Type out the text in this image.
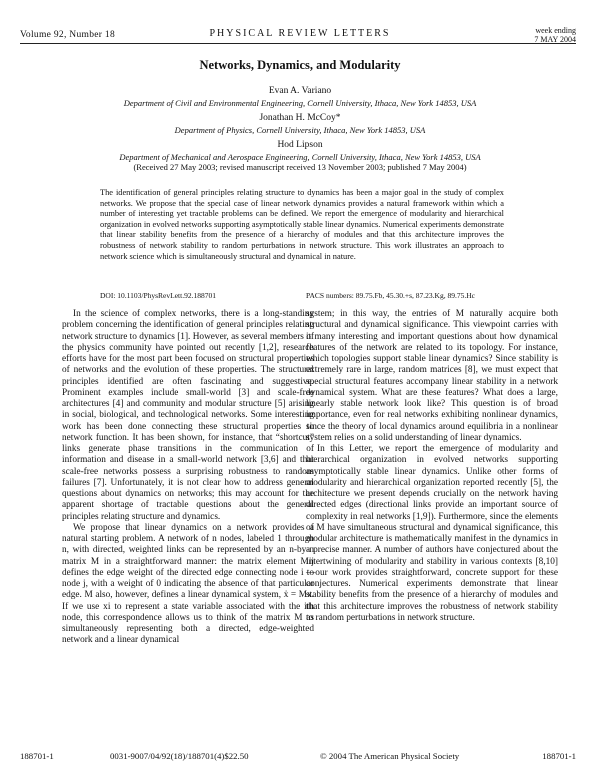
Volume 92, Number 18	PHYSICAL REVIEW LETTERS	week ending
7 MAY 2004
Networks, Dynamics, and Modularity
Evan A. Variano
Department of Civil and Environmental Engineering, Cornell University, Ithaca, New York 14853, USA
Jonathan H. McCoy*
Department of Physics, Cornell University, Ithaca, New York 14853, USA
Hod Lipson
Department of Mechanical and Aerospace Engineering, Cornell University, Ithaca, New York 14853, USA
(Received 27 May 2003; revised manuscript received 13 November 2003; published 7 May 2004)
The identification of general principles relating structure to dynamics has been a major goal in the study of complex networks. We propose that the special case of linear network dynamics provides a natural framework within which a number of interesting yet tractable problems can be defined. We report the emergence of modularity and hierarchical organization in evolved networks supporting asymptotically stable linear dynamics. Numerical experiments demonstrate that linear stability benefits from the presence of a hierarchy of modules and that this architecture improves the robustness of network stability to random perturbations in network structure. This work illustrates an approach to network science which is simultaneously structural and dynamical in nature.
DOI: 10.1103/PhysRevLett.92.188701	PACS numbers: 89.75.Fb, 45.30.+s, 87.23.Kg, 89.75.Hc

In the science of complex networks, there is a long-standing problem concerning the identification of general principles relating network structure to dynamics [1]. However, as several members of the physics community have pointed out recently [1,2], research efforts have for the most part been focused on structural properties of networks and the evolution of these properties. The structural principles identified are often fascinating and suggestive. Prominent examples include small-world [3] and scale-free architectures [4] and community and modular structure [5] arising in social, biological, and technological networks. Some interesting work has been done connecting these structural properties to network function. It has been shown, for instance, that “shortcut” links generate phase transitions in the communication of information and disease in a small-world network [3,6] and that scale-free networks possess a surprising robustness to random failures [7]. Unfortunately, it is not clear how to address general questions about dynamics on networks; this may account for the apparent shortage of tractable questions about the general principles relating structure and dynamics.

We propose that linear dynamics on a network provides a natural starting problem. A network of n nodes, labeled 1 through n, with directed, weighted links can be represented by an n-by-n matrix M in a straightforward manner: the matrix element Mij defines the edge weight of the directed edge connecting node i to node j, with a weight of 0 indicating the absence of that particular edge. M also, however, defines a linear dynamical system, ẋ = Mx. If we use xi to represent a state variable associated with the ith node, this correspondence allows us to think of the matrix M as simultaneously representing both a directed, edge-weighted network and a linear dynamical

system; in this way, the entries of M naturally acquire both structural and dynamical significance. This viewpoint carries with it many interesting and important questions about how dynamical features of the network are related to its topology. For instance, which topologies support stable linear dynamics? Since stability is extremely rare in large, random matrices [8], we must expect that special structural features accompany linear stability in a network dynamical system. What are these features? What does a large, linearly stable network look like? This question is of broad importance, even for real networks exhibiting nonlinear dynamics, since the theory of local dynamics around equilibria in a nonlinear system relies on a solid understanding of linear dynamics.

In this Letter, we report the emergence of modularity and hierarchical organization in evolved networks supporting asymptotically stable linear dynamics. Unlike other forms of modularity and hierarchical organization reported recently [5], the architecture we present depends crucially on the network having directed edges (directional links provide an important source of complexity in real networks [1,9]). Furthermore, since the elements of M have simultaneous structural and dynamical significance, this modular architecture is mathematically manifest in the dynamics in a precise manner. A number of authors have conjectured about the intertwining of modularity and stability in various contexts [8,10]—our work provides straightforward, concrete support for these conjectures. Numerical experiments demonstrate that linear stability benefits from the presence of a hierarchy of modules and that this architecture improves the robustness of network stability to random perturbations in network structure.

188701-1	0031-9007/04/92(18)/188701(4)$22.50	© 2004 The American Physical Society	188701-1
